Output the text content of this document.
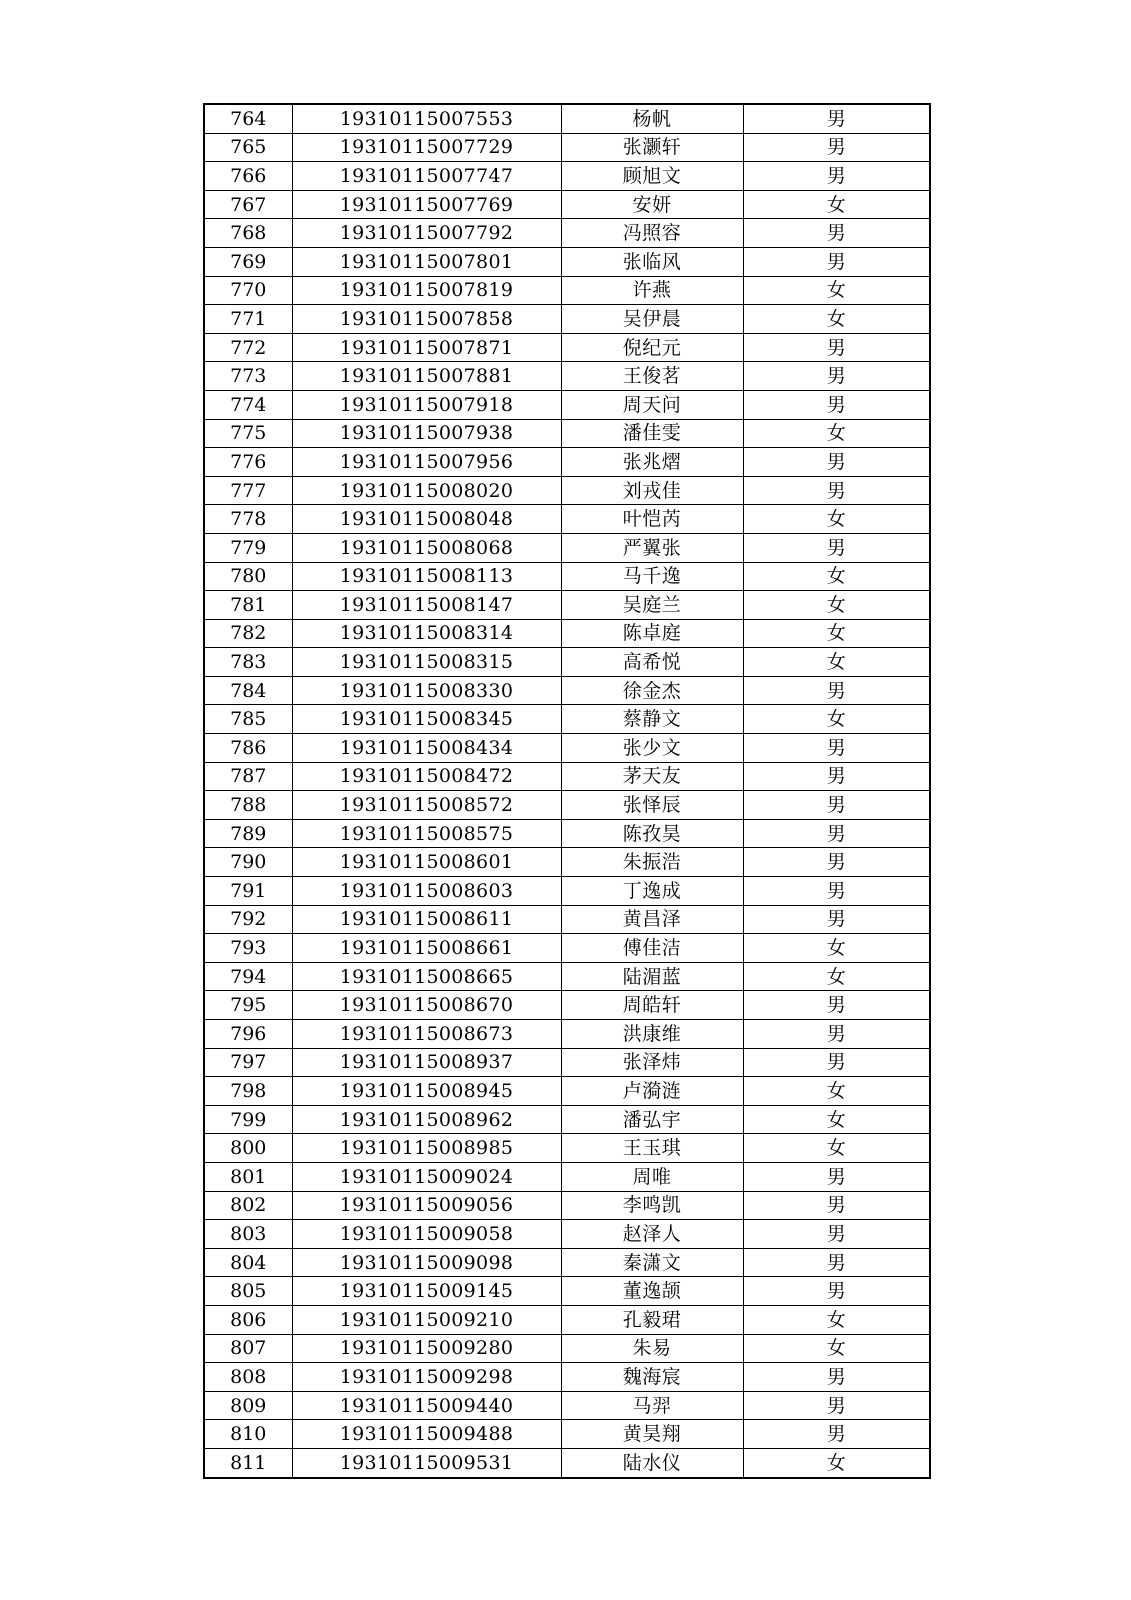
764	19310115007553	杨帆	男
765	19310115007729	张灏轩	男
766	19310115007747	顾旭文	男
767	19310115007769	安妍	女
768	19310115007792	冯照容	男
769	19310115007801	张临风	男
770	19310115007819	许燕	女
771	19310115007858	吴伊晨	女
772	19310115007871	倪纪元	男
773	19310115007881	王俊茗	男
774	19310115007918	周天问	男
775	19310115007938	潘佳雯	女
776	19310115007956	张兆熠	男
777	19310115008020	刘戎佳	男
778	19310115008048	叶恺芮	女
779	19310115008068	严翼张	男
780	19310115008113	马千逸	女
781	19310115008147	吴庭兰	女
782	19310115008314	陈卓庭	女
783	19310115008315	高希悦	女
784	19310115008330	徐金杰	男
785	19310115008345	蔡静文	女
786	19310115008434	张少文	男
787	19310115008472	茅天友	男
788	19310115008572	张怿辰	男
789	19310115008575	陈孜昊	男
790	19310115008601	朱振浩	男
791	19310115008603	丁逸成	男
792	19310115008611	黄昌泽	男
793	19310115008661	傅佳洁	女
794	19310115008665	陆湄蓝	女
795	19310115008670	周皓轩	男
796	19310115008673	洪康维	男
797	19310115008937	张泽炜	男
798	19310115008945	卢漪涟	女
799	19310115008962	潘弘宇	女
800	19310115008985	王玉琪	女
801	19310115009024	周唯	男
802	19310115009056	李鸣凯	男
803	19310115009058	赵泽人	男
804	19310115009098	秦潇文	男
805	19310115009145	董逸颉	男
806	19310115009210	孔毅珺	女
807	19310115009280	朱易	女
808	19310115009298	魏海宸	男
809	19310115009440	马羿	男
810	19310115009488	黄昊翔	男
811	19310115009531	陆水仪	女
